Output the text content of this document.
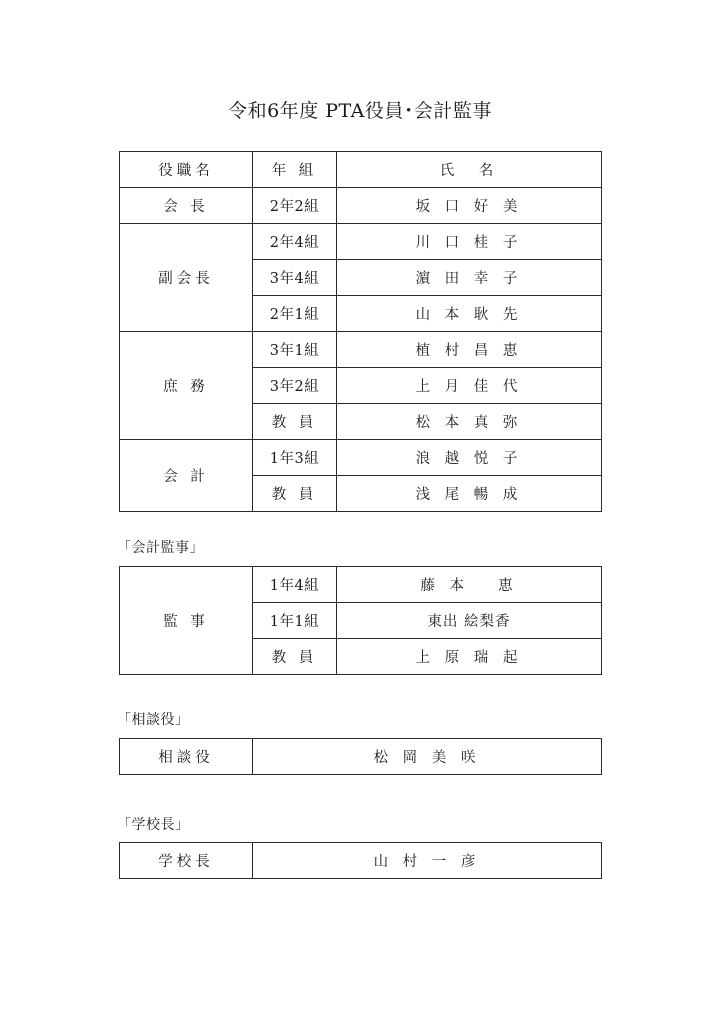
令和6年度 PTA役員･会計監事
役職名	年 組	氏　名
会 長	2年2組	坂 口 好 美
副会長	2年4組	川 口 桂 子
	3年4組	濵 田 幸 子
	2年1組	山 本 耿 先
庶 務	3年1組	植 村 昌 恵
	3年2組	上 月 佳 代
	教 員	松 本 真 弥
会 計	1年3組	浪 越 悦 子
	教 員	浅 尾 暢 成
「会計監事」
監 事	1年4組	藤 本　 恵
	1年1組	東出 絵梨香
	教 員	上 原 瑞 起
「相談役」
相談役	松 岡 美 咲
「学校長」
学校長	山 村 一 彦
